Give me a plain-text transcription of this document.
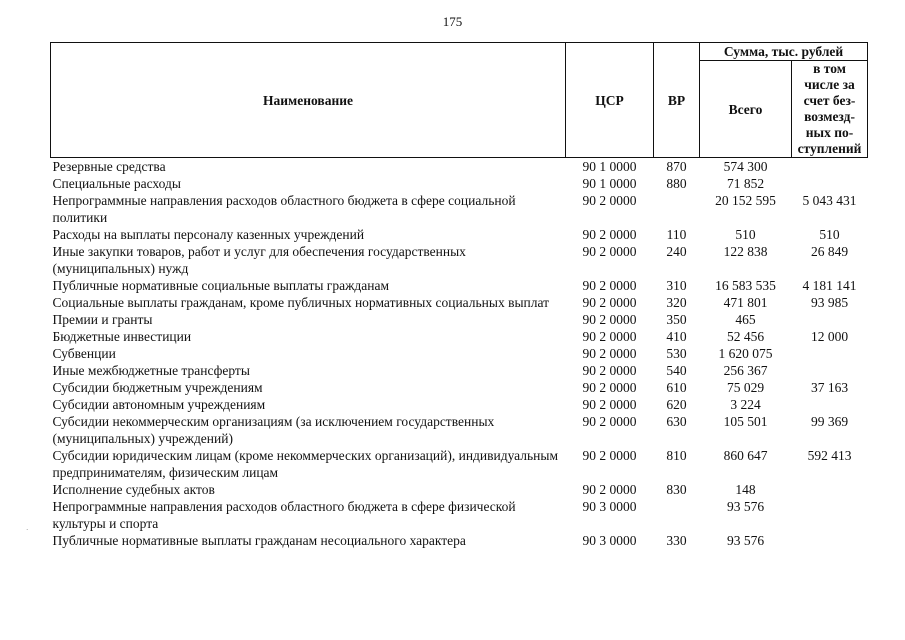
175
Наименование	ЦСР	ВР	Сумма, тыс. рублей	
			Всего	в том числе за счет без-возмезд-ных по-ступлений
Резервные средства	90 1 0000	870	574 300	
Специальные расходы	90 1 0000	880	71 852	
Непрограммные направления расходов областного бюджета в сфере социальной политики	90 2 0000		20 152 595	5 043 431
Расходы на выплаты персоналу казенных учреждений	90 2 0000	110	510	510
Иные закупки товаров, работ и услуг для обеспечения государственных (муниципальных) нужд	90 2 0000	240	122 838	26 849
Публичные нормативные социальные выплаты гражданам	90 2 0000	310	16 583 535	4 181 141
Социальные выплаты гражданам, кроме публичных нормативных социальных выплат	90 2 0000	320	471 801	93 985
Премии и гранты	90 2 0000	350	465	
Бюджетные инвестиции	90 2 0000	410	52 456	12 000
Субвенции	90 2 0000	530	1 620 075	
Иные межбюджетные трансферты	90 2 0000	540	256 367	
Субсидии бюджетным учреждениям	90 2 0000	610	75 029	37 163
Субсидии автономным учреждениям	90 2 0000	620	3 224	
Субсидии некоммерческим организациям (за исключением государственных (муниципальных) учреждений)	90 2 0000	630	105 501	99 369
Субсидии юридическим лицам (кроме некоммерческих организаций), индивидуальным предпринимателям, физическим лицам	90 2 0000	810	860 647	592 413
Исполнение судебных актов	90 2 0000	830	148	
Непрограммные направления расходов областного бюджета в сфере физической культуры и спорта	90 3 0000		93 576	
Публичные нормативные выплаты гражданам несоциального характера	90 3 0000	330	93 576	
·
